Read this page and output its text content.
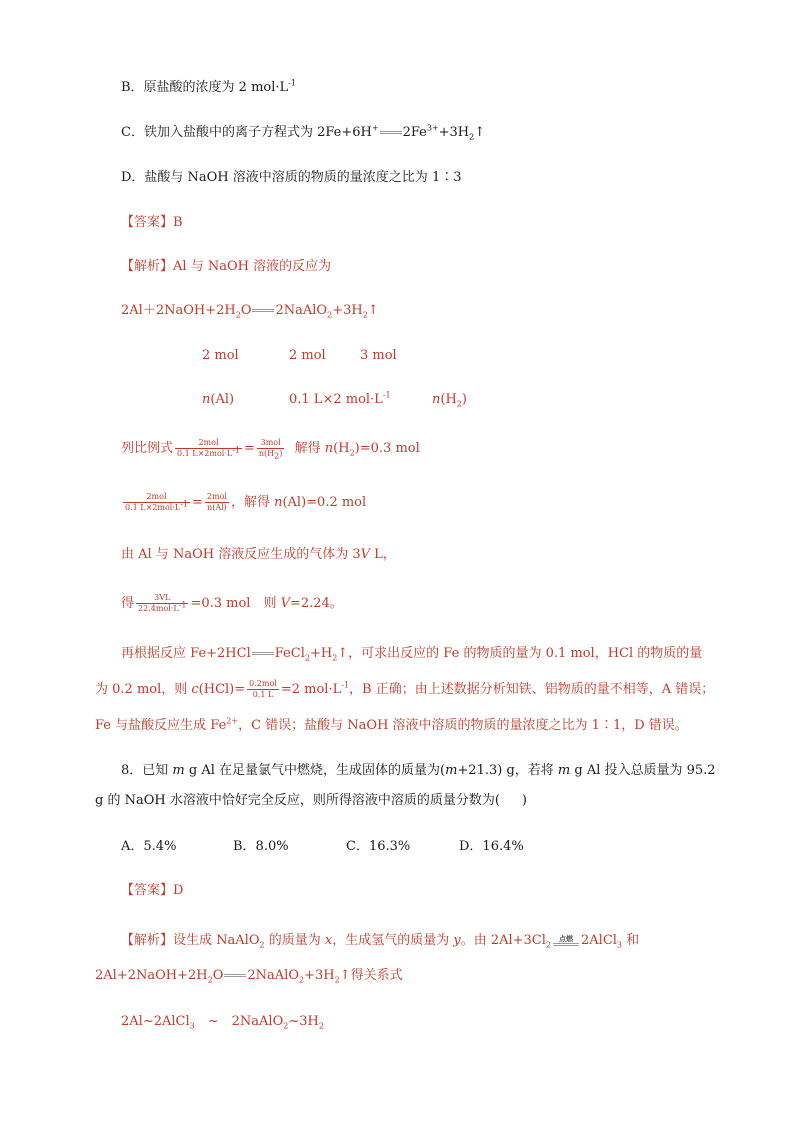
B．原盐酸的浓度为 2 $mol\cdot L^{-1}$
C．铁加入盐酸中的离子方程式为 2Fe+6H+ $2Fe^{3+}+3H_2↑$
D．盐酸与 NaOH 溶液中溶质的物质的量浓度之比为 1∶3
【答案】B
【解析】Al 与 NaOH 溶液的反应为
$2Al+2NaOH+2H_2O$ $2NaAlO_2+3H_2↑$
2 mol	2 mol	3 mol
n(Al)	0.1 L×2 $mol\cdot L^{-1}$	$n(H_2)$
列比例式 $\frac{\text{2mol}}{0.1 L\times 2mol\cdot L^{-1}} = \frac{\text{3mol}}{n(H_2)}$ 解得 $n(H_2)=0.3$ mol
$\frac{\text{2mol}}{0.1 L\times 2mol\cdot L^{-1}} = \frac{\text{2mol}}{n(Al)}$ ，解得 n(Al)=0.2 mol
由 Al 与 NaOH 溶液反应生成的气体为 3V L，
得 $\frac{3VL}{22.4mol\cdot L^{-1}} =0.3$ mol　则 V=2.24。
再根据反应 Fe+2HCl $FeCl_2+H_2↑$，可求出反应的 Fe 的物质的量为 0.1 mol，HCl 的物质的量
为 0.2 mol，则 $c(HCl)= \frac{\text{0.2mol}}{0.1 L} =2$ $mol\cdot L^{-1}$，B 正确；由上述数据分析知铁、铝物质的量不相等，A 错误；
Fe 与盐酸反应生成 $Fe^{2+}$，C 错误；盐酸与 NaOH 溶液中溶质的物质的量浓度之比为 1∶1，D 错误。
8．已知 m g Al 在足量氯气中燃烧，生成固体的质量为(m+21.3) g，若将 m g Al 投入总质量为 95.2
g 的 NaOH 水溶液中恰好完全反应，则所得溶液中溶质的质量分数为( )
A．5.4%	B．8.0%	C．16.3%	D．16.4%
【答案】D
【解析】设生成 NaAlO$_2$ 的质量为 x，生成氢气的质量为 y。由 $2Al+3Cl_2$
点燃 2AlCl$_3$ 和
$2Al+2NaOH+2H_2O$ $2NaAlO_2+3H_2↑$得关系式
2Al~2AlCl$_3$　~　$2NaAlO_2\sim 3H_2$
